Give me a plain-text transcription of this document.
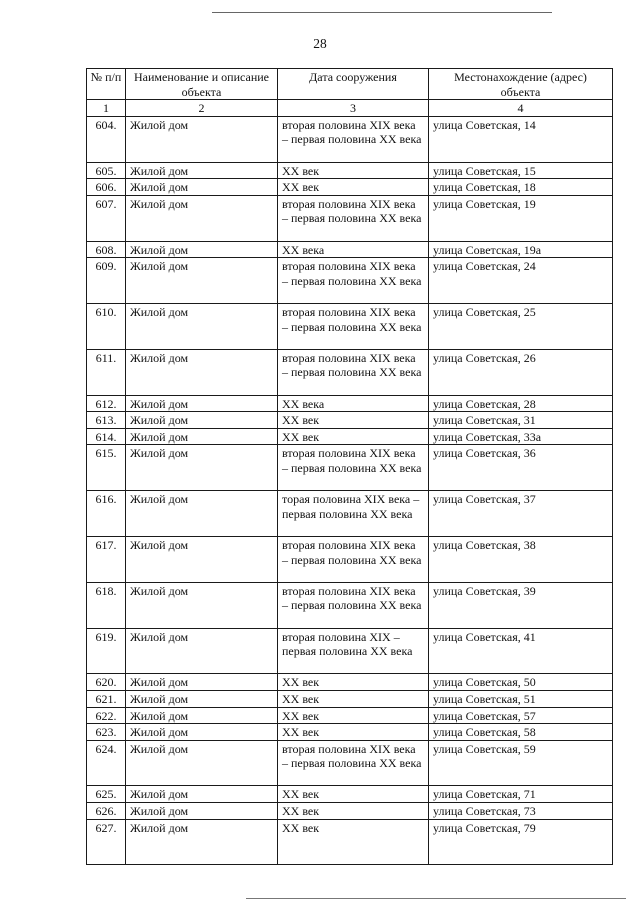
28
№ п/п	Наименование и описание объекта	Дата сооружения	Местонахождение (адрес) объекта
1	2	3	4
604.	Жилой дом	вторая половина XIX века – первая половина XX века	улица Советская, 14
605.	Жилой дом	XX век	улица Советская, 15
606.	Жилой дом	XX век	улица Советская, 18
607.	Жилой дом	вторая половина XIX века – первая половина XX века	улица Советская, 19
608.	Жилой дом	XX века	улица Советская, 19а
609.	Жилой дом	вторая половина XIX века – первая половина XX века	улица Советская, 24
610.	Жилой дом	вторая половина XIX века – первая половина XX века	улица Советская, 25
611.	Жилой дом	вторая половина XIX века – первая половина XX века	улица Советская, 26
612.	Жилой дом	XX века	улица Советская, 28
613.	Жилой дом	XX век	улица Советская, 31
614.	Жилой дом	XX век	улица Советская, 33а
615.	Жилой дом	вторая половина XIX века – первая половина XX века	улица Советская, 36
616.	Жилой дом	торая половина XIX века – первая половина XX века	улица Советская, 37
617.	Жилой дом	вторая половина XIX века – первая половина XX века	улица Советская, 38
618.	Жилой дом	вторая половина XIX века – первая половина XX века	улица Советская, 39
619.	Жилой дом	вторая половина XIX – первая половина XX века	улица Советская, 41
620.	Жилой дом	XX век	улица Советская, 50
621.	Жилой дом	XX век	улица Советская, 51
622.	Жилой дом	XX век	улица Советская, 57
623.	Жилой дом	XX век	улица Советская, 58
624.	Жилой дом	вторая половина XIX века – первая половина XX века	улица Советская, 59
625.	Жилой дом	XX век	улица Советская, 71
626.	Жилой дом	XX век	улица Советская, 73
627.	Жилой дом	XX век	улица Советская, 79
